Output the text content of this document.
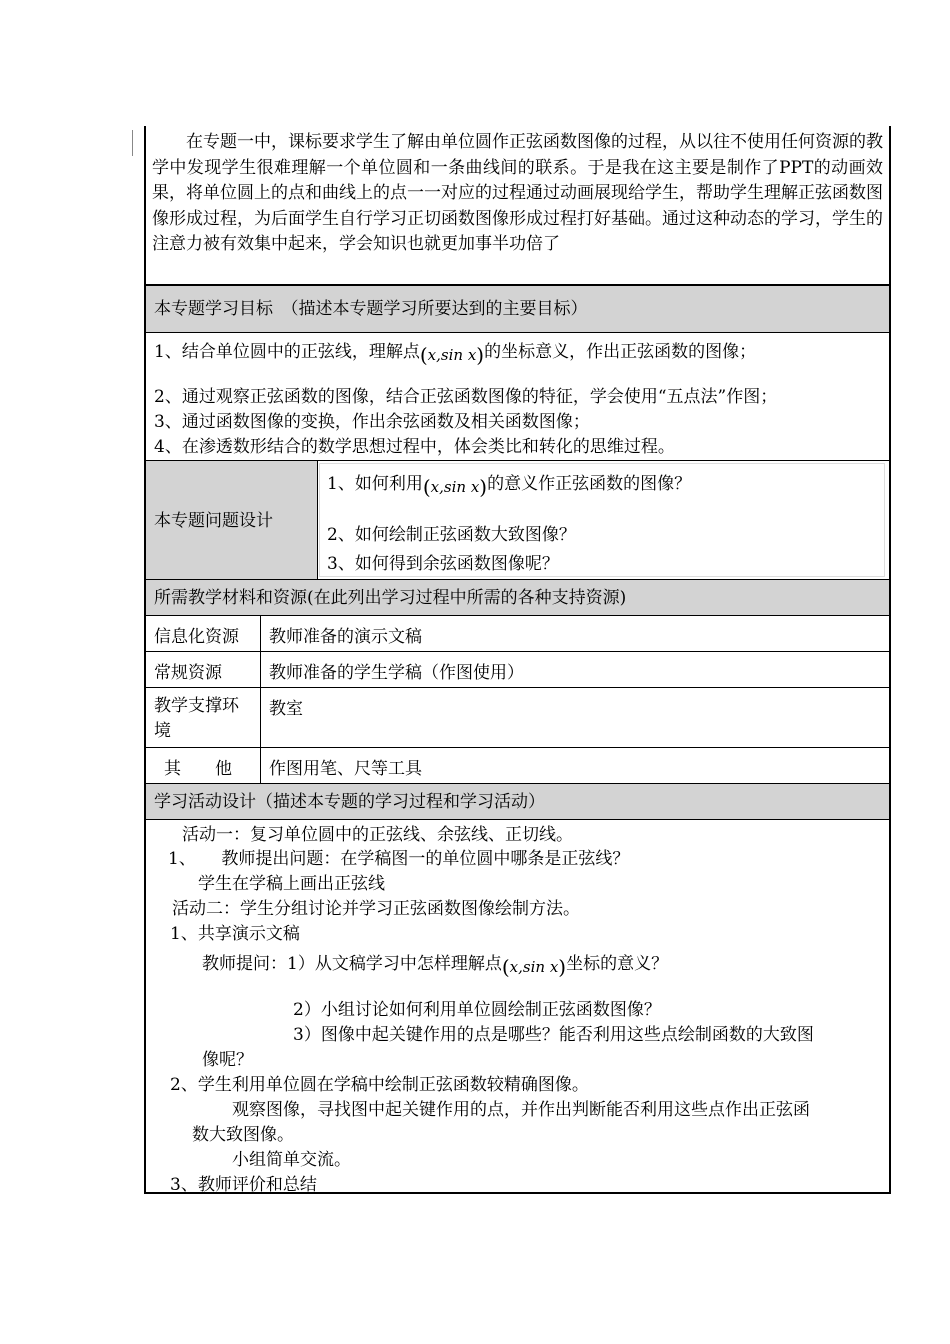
在专题一中，课标要求学生了解由单位圆作正弦函数图像的过程，从以往不使用任何资源的教学中发现学生很难理解一个单位圆和一条曲线间的联系。于是我在这主要是制作了PPT的动画效果，将单位圆上的点和曲线上的点一一对应的过程通过动画展现给学生，帮助学生理解正弦函数图像形成过程，为后面学生自行学习正切函数图像形成过程打好基础。通过这种动态的学习，学生的注意力被有效集中起来，学会知识也就更加事半功倍了
本专题学习目标　（描述本专题学习所要达到的主要目标）
1、结合单位圆中的正弦线，理解点(x,sin x)的坐标意义，作出正弦函数的图像；
2、通过观察正弦函数的图像，结合正弦函数图像的特征，学会使用“五点法”作图；
3、通过函数图像的变换，作出余弦函数及相关函数图像；
4、在渗透数形结合的数学思想过程中，体会类比和转化的思维过程。
本专题问题设计
1、如何利用(x,sin x)的意义作正弦函数的图像？
2、如何绘制正弦函数大致图像？
3、如何得到余弦函数图像呢？
所需教学材料和资源(在此列出学习过程中所需的各种支持资源)
信息化资源 教师准备的演示文稿
常规资源	教师准备的学生学稿（作图使用）
教学支撑环境
教室
其　　他 作图用笔、尺等工具
学习活动设计（描述本专题的学习过程和学习活动）
活动一：复习单位圆中的正弦线、余弦线、正切线。
1、　　教师提出问题：在学稿图一的单位圆中哪条是正弦线？
学生在学稿上画出正弦线
活动二：学生分组讨论并学习正弦函数图像绘制方法。
1、共享演示文稿
教师提问：1）从文稿学习中怎样理解点(x,sin x)坐标的意义？
2）小组讨论如何利用单位圆绘制正弦函数图像？
3）图像中起关键作用的点是哪些？能否利用这些点绘制函数的大致图
像呢？
2、学生利用单位圆在学稿中绘制正弦函数较精确图像。
观察图像，寻找图中起关键作用的点，并作出判断能否利用这些点作出正弦函
数大致图像。
小组简单交流。
3、教师评价和总结
